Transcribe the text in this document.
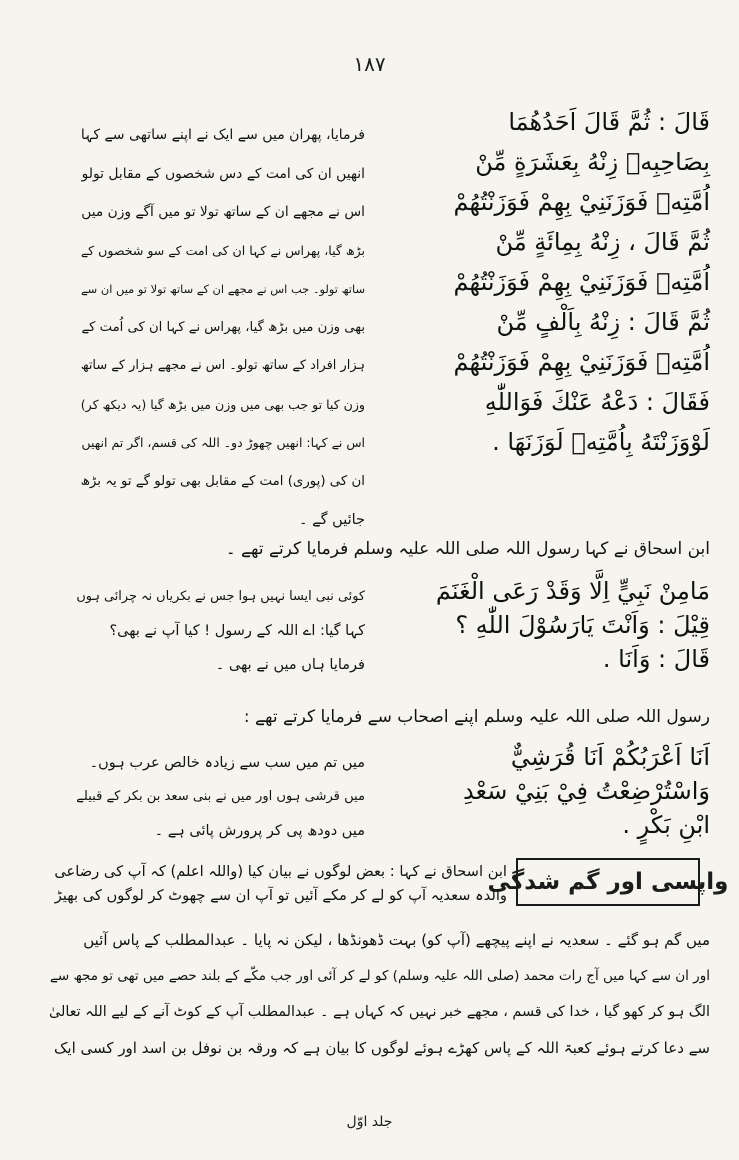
۱۸۷
قَالَ : ثُمَّ قَالَ اَحَدُهُمَا
بِصَاحِبِهٖ زِنْهُ بِعَشَرَةٍ مِّنْ
اُمَّتِهٖ فَوَزَنَنِيْ بِهِمْ فَوَزَنْتُهُمْ
ثُمَّ قَالَ ، زِنْهُ بِمِائَةٍ مِّنْ
اُمَّتِهٖ فَوَزَنَنِيْ بِهِمْ فَوَزَنْتُهُمْ
ثُمَّ قَالَ : زِنْهُ بِاَلْفٍ مِّنْ
اُمَّتِهٖ فَوَزَنَنِيْ بِهِمْ فَوَزَنْتُهُمْ
فَقَالَ : دَعْهُ عَنْكَ فَوَاللّٰهِ
لَوْوَزَنْتَهُ بِاُمَّتِهٖ لَوَزَنَهَا .
فرمایا، پھران میں سے ایک نے اپنے ساتھی سے کہا
انھیں ان کی امت کے دس شخصوں کے مقابل تولو
اس نے مجھے ان کے ساتھ تولا تو میں آگے وزن میں
بڑھ گیا، پھراس نے کہا ان کی امت کے سو شخصوں کے
ساتھ تولو۔ جب اس نے مجھے ان کے ساتھ تولا تو میں ان سے
بھی وزن میں بڑھ گیا، پھراس نے کہا ان کی اُمت کے
ہزار افراد کے ساتھ تولو۔ اس نے مجھے ہزار کے ساتھ
وزن کیا تو جب بھی میں وزن میں بڑھ گیا (یہ دیکھ کر)
اس نے کہا: انھیں چھوڑ دو۔ اللہ کی قسم، اگر تم انھیں
ان کی (پوری) امت کے مقابل بھی تولو گے تو یہ بڑھ
جائیں گے ۔
ابن اسحاق نے کہا رسول اللہ صلی اللہ علیہ وسلم فرمایا کرتے تھے ۔
مَامِنْ نَبِيٍّ اِلَّا وَقَدْ رَعَى الْغَنَمَ
قِيْلَ : وَاَنْتَ يَارَسُوْلَ اللّٰهِ ؟
قَالَ : وَاَنَا .
کوئی نبی ایسا نہیں ہوا جس نے بکریاں نہ چرائی ہوں
کہا گیا: اے اللہ کے رسول ! کیا آپ نے بھی؟
فرمایا ہاں میں نے بھی ۔
رسول اللہ صلی اللہ علیہ وسلم اپنے اصحاب سے فرمایا کرتے تھے :
اَنَا اَعْرَبُكُمْ اَنَا قُرَشِيٌّ
وَاسْتُرْضِعْتُ فِيْ بَنِيْ سَعْدِ
ابْنِ بَكْرٍ .
میں تم میں سب سے زیادہ خالص عرب ہوں۔
میں قرشی ہوں اور میں نے بنی سعد بن بکر کے قبیلے
میں دودھ پی کر پرورش پائی ہے ۔
واپسی اور گم شدگی
ابن اسحاق نے کہا : بعض لوگوں نے بیان کیا (واللہ اعلم) کہ آپ کی رضاعی
والدہ سعدیہ آپ کو لے کر مکے آئیں تو آپ ان سے چھوٹ کر لوگوں کی بھیڑ
میں گم ہو گئے ۔ سعدیہ نے اپنے پیچھے (آپ کو) بہت ڈھونڈھا ، لیکن نہ پایا ۔ عبدالمطلب کے پاس آئیں
اور ان سے کہا میں آج رات محمد (صلی اللہ علیہ وسلم) کو لے کر آئی اور جب مکّے کے بلند حصے میں تھی تو مجھ سے
الگ ہو کر کھو گیا ، خدا کی قسم ، مجھے خبر نہیں کہ کہاں ہے ۔ عبدالمطلب آپ کے کوٹ آنے کے لیے اللہ تعالیٰ
سے دعا کرتے ہوئے کعبۃ اللہ کے پاس کھڑے ہوئے لوگوں کا بیان ہے کہ ورقہ بن نوفل بن اسد اور کسی ایک
جلد اوّل
